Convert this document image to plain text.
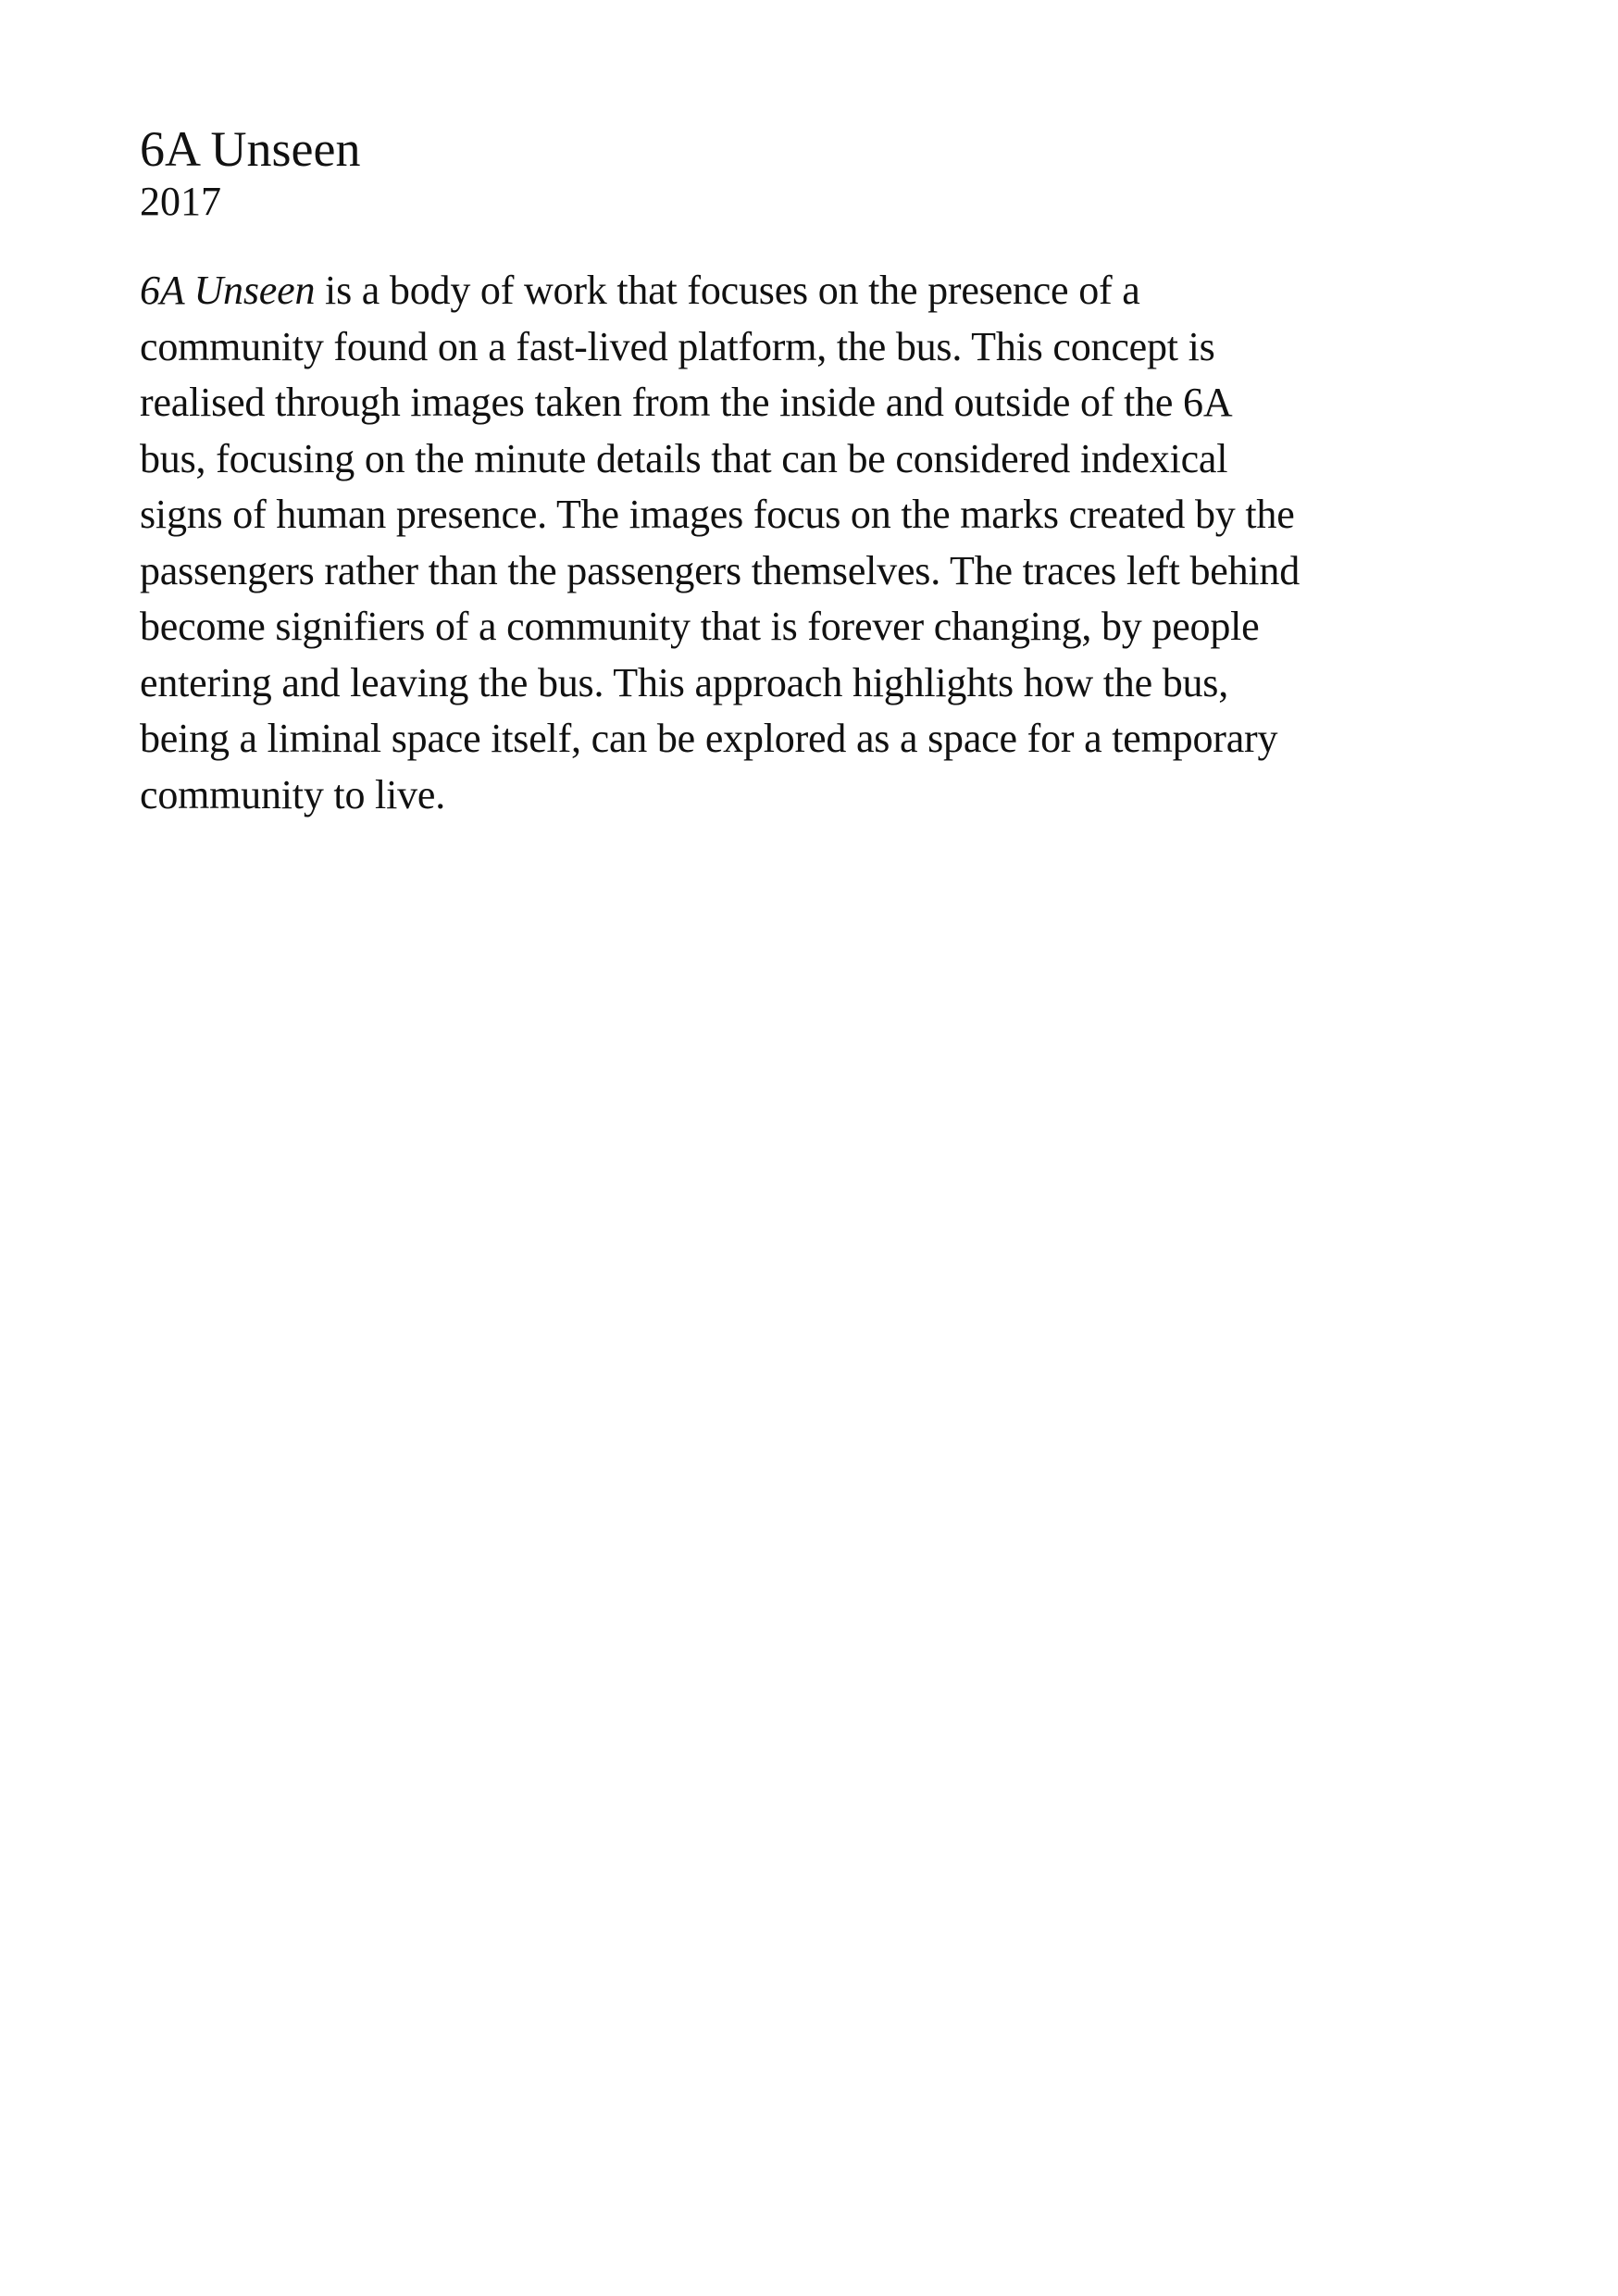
6A Unseen
2017

6A Unseen is a body of work that focuses on the presence of a
community found on a fast-lived platform, the bus. This concept is
realised through images taken from the inside and outside of the 6A
bus, focusing on the minute details that can be considered indexical
signs of human presence. The images focus on the marks created by the
passengers rather than the passengers themselves. The traces left behind
become signifiers of a community that is forever changing, by people
entering and leaving the bus. This approach highlights how the bus,
being a liminal space itself, can be explored as a space for a temporary
community to live.
